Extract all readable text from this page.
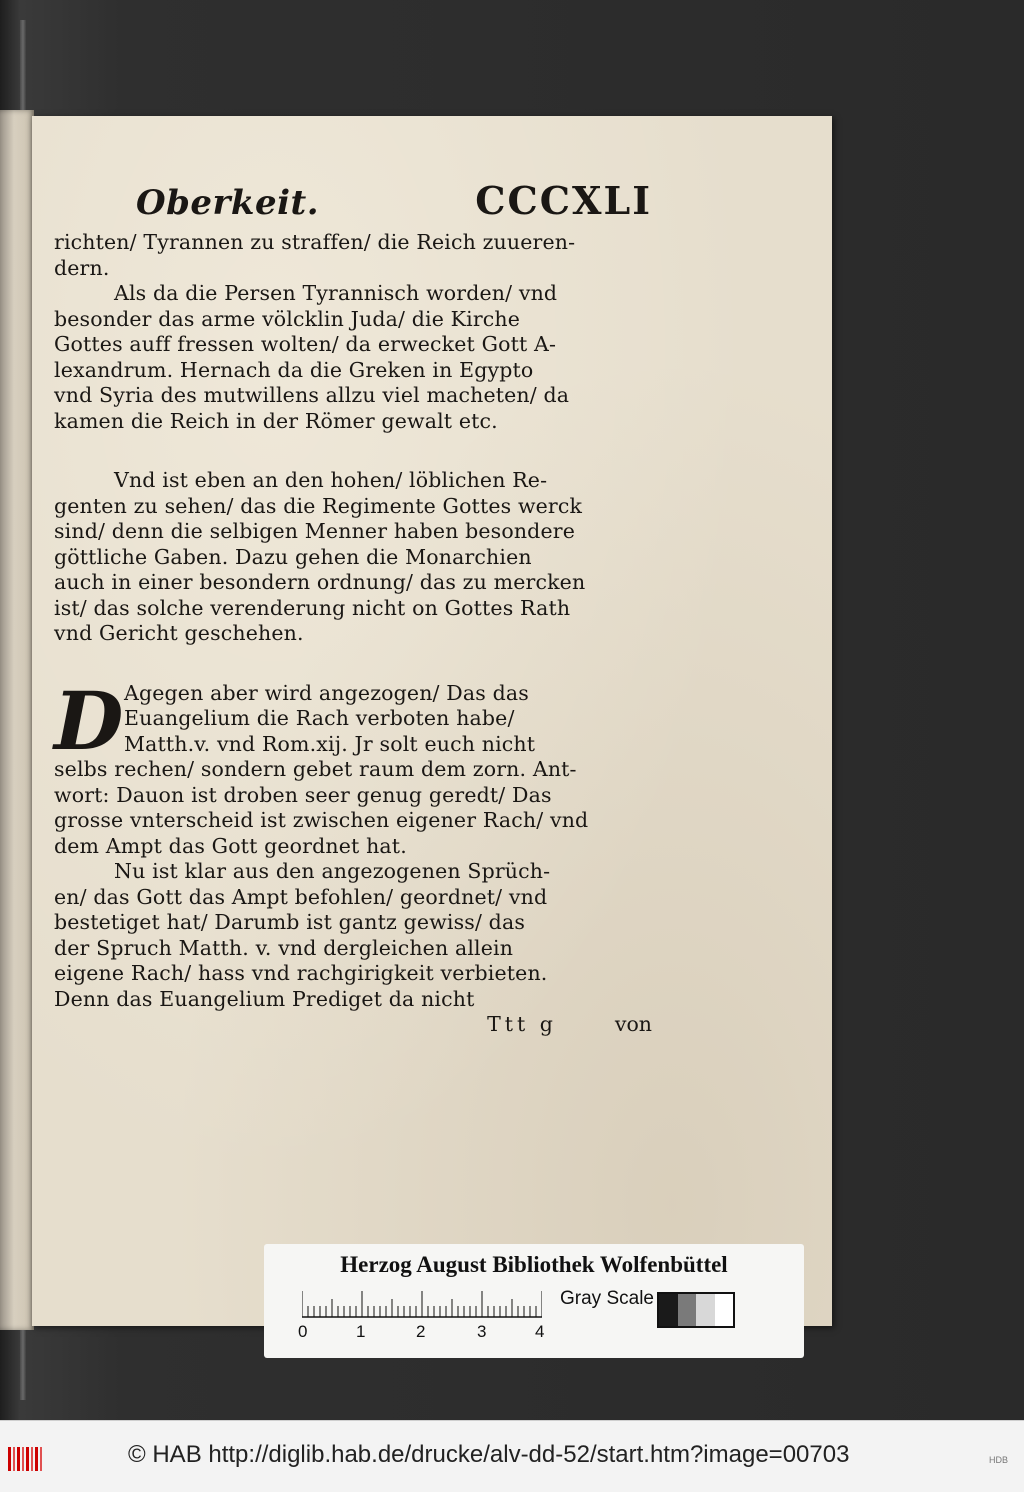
Oberkeit.	CCCXLI
richten/ Tyrannen zu straffen/ die Reich zuueren-
dern.
Als da die Persen Tyrannisch worden/ vnd
besonder das arme völcklin Juda/ die Kirche
Gottes auff fressen wolten/ da erwecket Gott A-
lexandrum. Hernach da die Greken in Egypto
vnd Syria des mutwillens allzu viel macheten/ da
kamen die Reich in der Römer gewalt etc.
Vnd ist eben an den hohen/ löblichen Re-
genten zu sehen/ das die Regimente Gottes werck
sind/ denn die selbigen Menner haben besondere
göttliche Gaben. Dazu gehen die Monarchien
auch in einer besondern ordnung/ das zu mercken
ist/ das solche verenderung nicht on Gottes Rath
vnd Gericht geschehen.
D Agegen aber wird angezogen/ Das das
Euangelium die Rach verboten habe/
Matth.v. vnd Rom.xij. Jr solt euch nicht
selbs rechen/ sondern gebet raum dem zorn. Ant-
wort: Dauon ist droben seer genug geredt/ Das
grosse vnterscheid ist zwischen eigener Rach/ vnd
dem Ampt das Gott geordnet hat.
Nu ist klar aus den angezogenen Sprüch-
en/ das Gott das Ampt befohlen/ geordnet/ vnd
bestetiget hat/ Darumb ist gantz gewiss/ das
der Spruch Matth. v. vnd dergleichen allein
eigene Rach/ hass vnd rachgirigkeit verbieten.
Denn das Euangelium Prediget da nicht
Ttt g	von
Herzog August Bibliothek Wolfenbüttel
0	1	2	3	4
Gray Scale
© HAB http://diglib.hab.de/drucke/alv-dd-52/start.htm?image=00703	HDB
